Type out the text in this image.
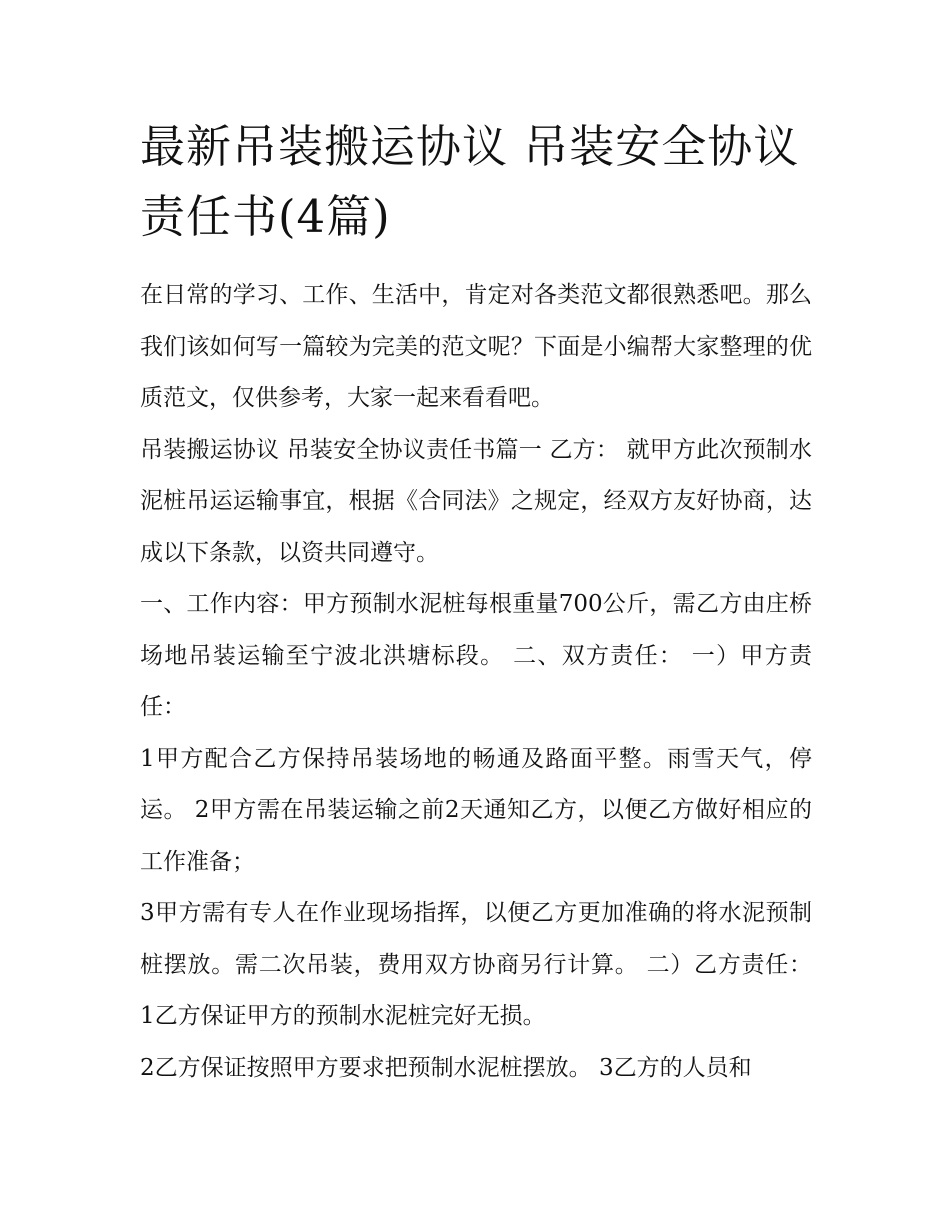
最新吊装搬运协议 吊装安全协议责任书(4篇)

在日常的学习、工作、生活中，肯定对各类范文都很熟悉吧。那么我们该如何写一篇较为完美的范文呢？下面是小编帮大家整理的优质范文，仅供参考，大家一起来看看吧。

吊装搬运协议 吊装安全协议责任书篇一 乙方： 就甲方此次预制水泥桩吊运运输事宜，根据《合同法》之规定，经双方友好协商，达成以下条款，以资共同遵守。

一、工作内容：甲方预制水泥桩每根重量700公斤，需乙方由庄桥场地吊装运输至宁波北洪塘标段。 二、双方责任： 一）甲方责任：

1甲方配合乙方保持吊装场地的畅通及路面平整。雨雪天气，停运。 2甲方需在吊装运输之前2天通知乙方，以便乙方做好相应的工作准备；

3甲方需有专人在作业现场指挥，以便乙方更加准确的将水泥预制桩摆放。需二次吊装，费用双方协商另行计算。 二）乙方责任： 1乙方保证甲方的预制水泥桩完好无损。

2乙方保证按照甲方要求把预制水泥桩摆放。 3乙方的人员和
